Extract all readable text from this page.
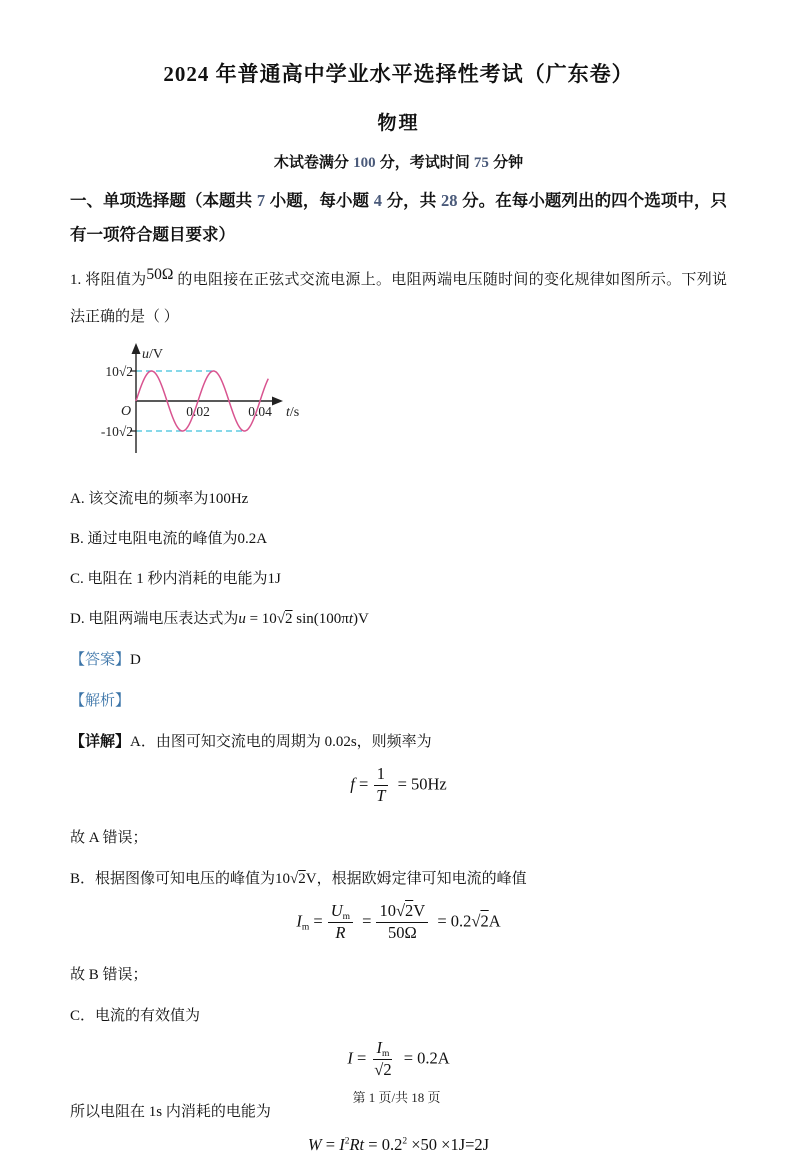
2024 年普通高中学业水平选择性考试（广东卷）
物理

木试卷满分 100 分，考试时间 75 分钟

一、单项选择题（本题共 7 小题，每小题 4 分，共 28 分。在每小题列出的四个选项中，只有一项符合题目要求）

1. 将阻值为50Ω 的电阻接在正弦式交流电源上。电阻两端电压随时间的变化规律如图所示。下列说法正确的是（ ）

u/V
O
10√2
-10√2
0.02	0.04 t/s

A. 该交流电的频率为100Hz

B. 通过电阻电流的峰值为0.2A

C. 电阻在 1 秒内消耗的电能为1J

D. 电阻两端电压表达式为u = 10√2 sin(100πt)V

【答案】D

【解析】

【详解】A．由图可知交流电的周期为 0.02s，则频率为

$f = \frac{1}{T} = 50Hz$

故 A 错误；

B．根据图像可知电压的峰值为10√2V，根据欧姆定律可知电流的峰值

$Im = \frac{Um}{R} = \frac{10√2V}{50\Omega} = 0.2√2A$

故 B 错误；

C．电流的有效值为

$I = \frac{Im}{√2} = 0.2A$

所以电阻在 1s 内消耗的电能为

$W = I^2Rt = 0.2^2 \times 50 \times 1J=2J$
第 1 页/共 18 页
